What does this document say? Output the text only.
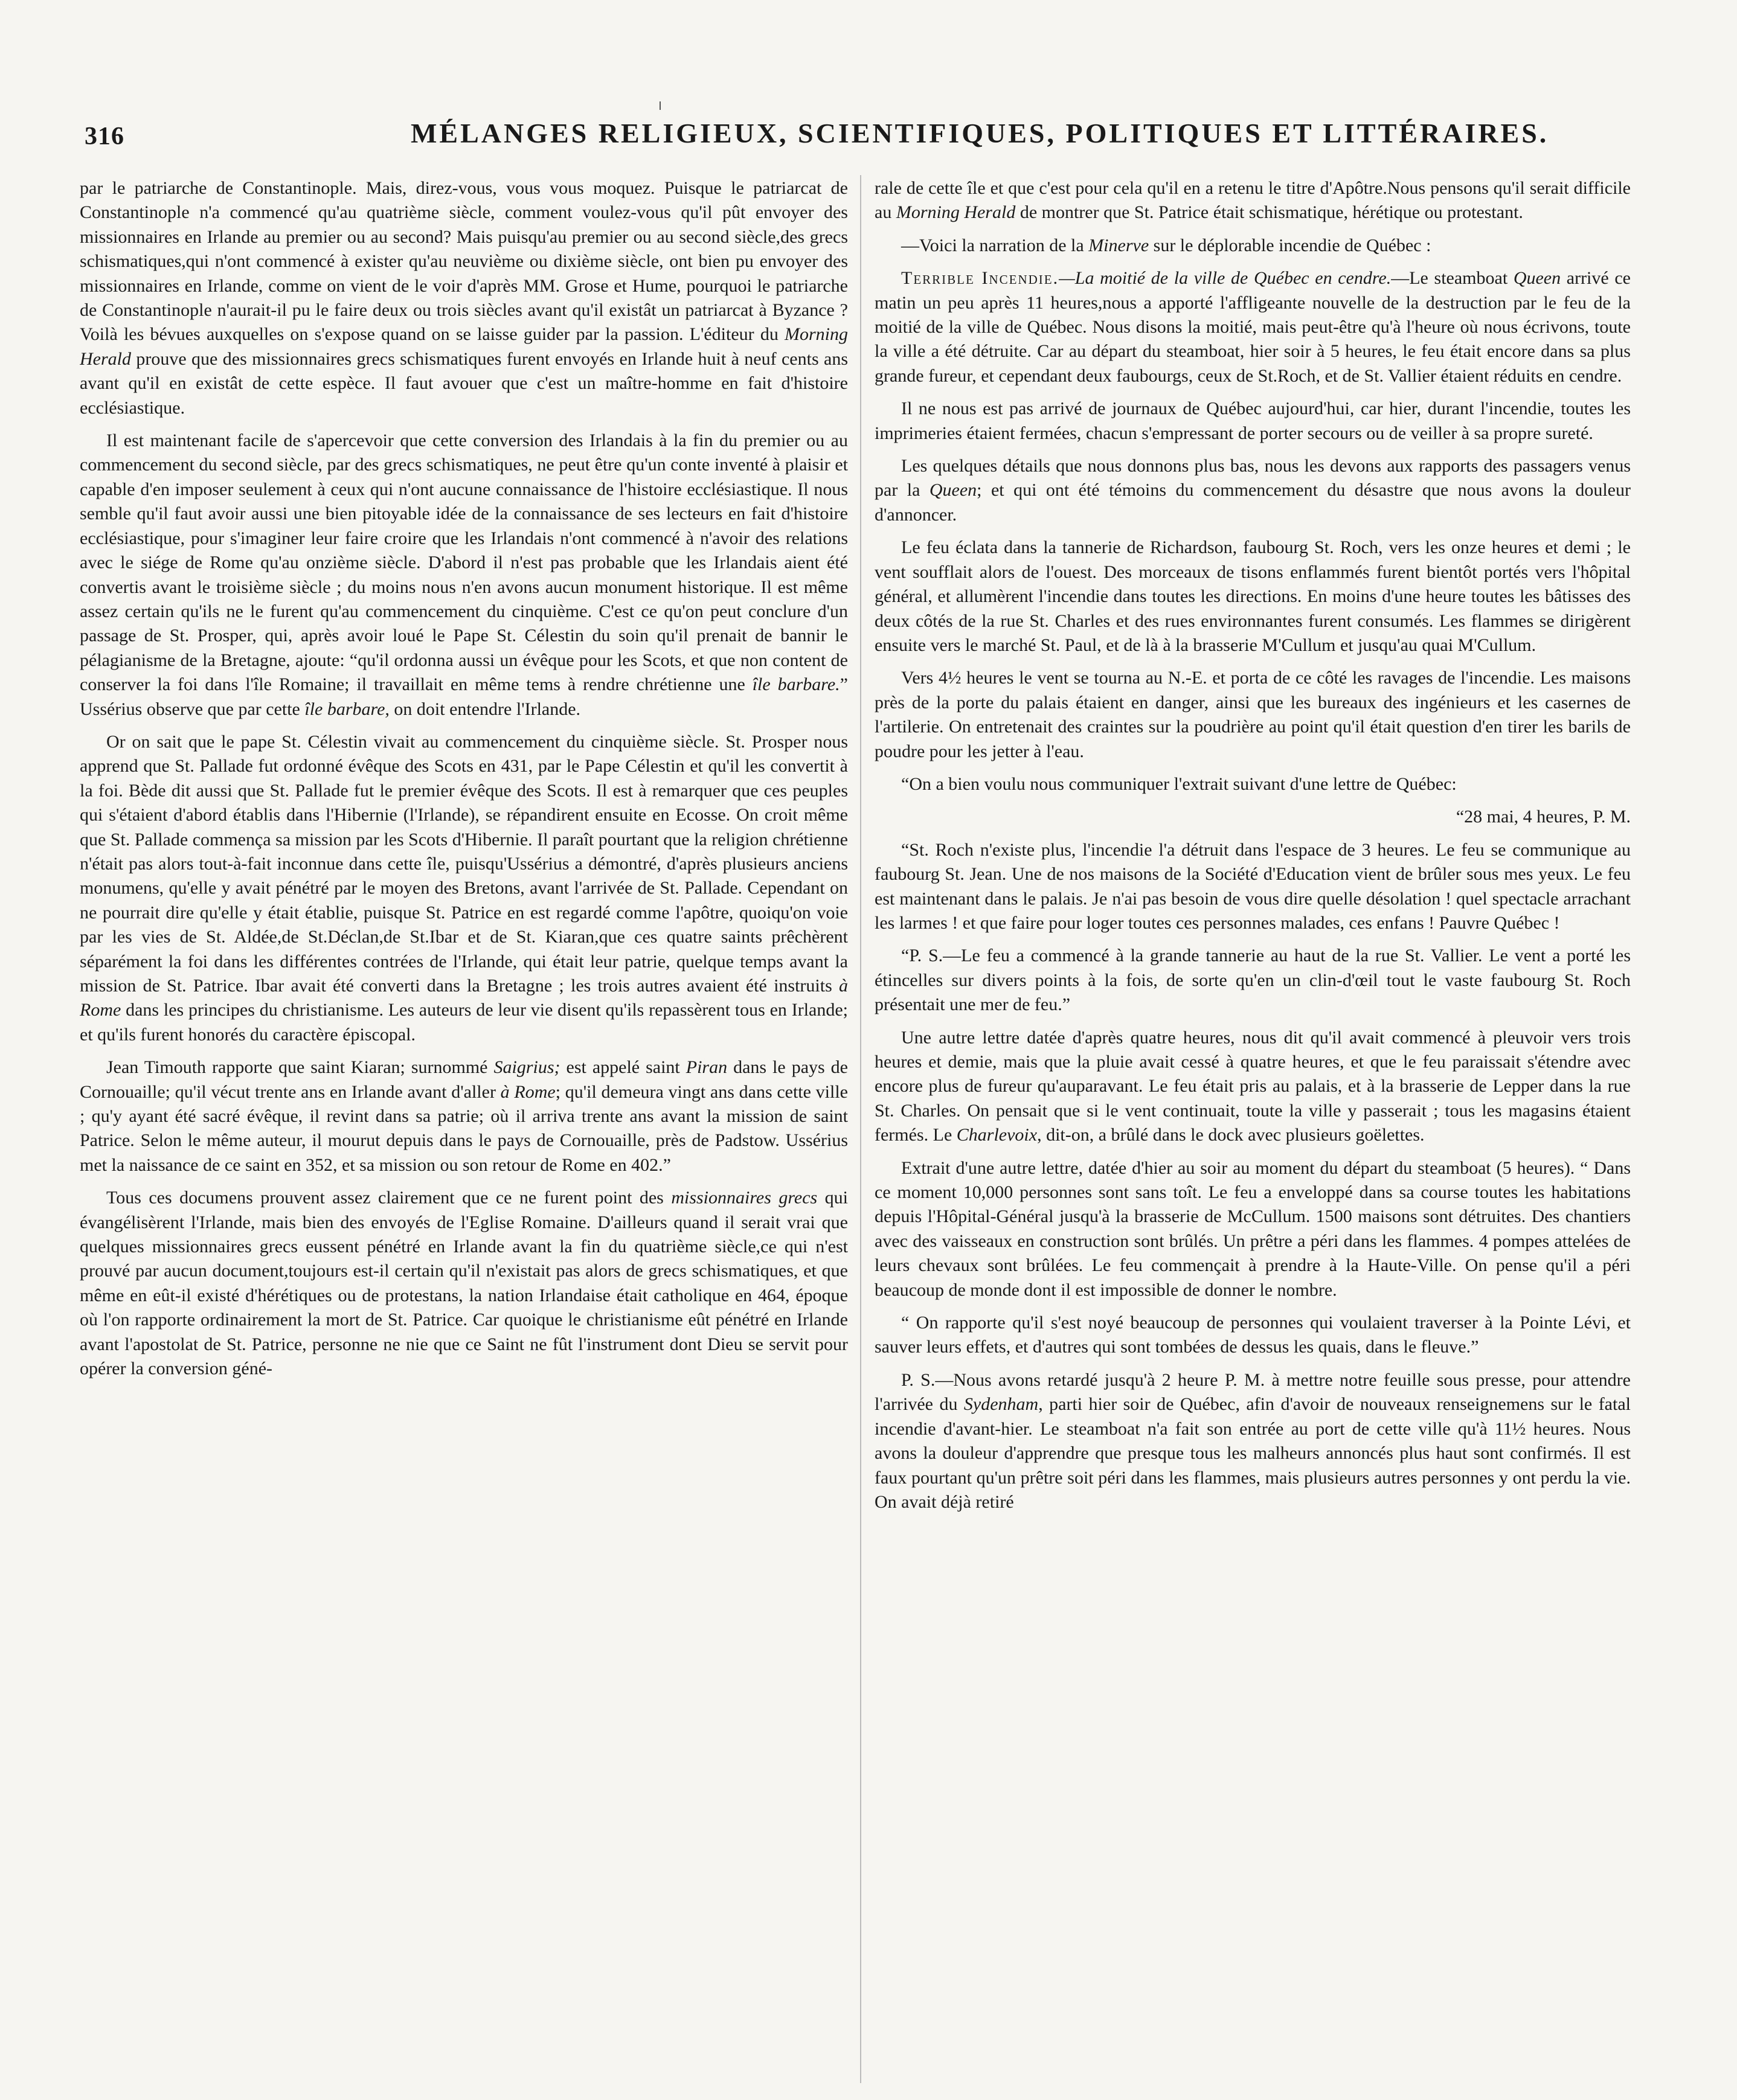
316	MÉLANGES RELIGIEUX, SCIENTIFIQUES, POLITIQUES ET LITTÉRAIRES.

par le patriarche de Constantinople. Mais, direz-vous, vous vous moquez. Puisque le patriarcat de Constantinople n'a commencé qu'au quatrième siècle, comment voulez-vous qu'il pût envoyer des missionnaires en Irlande au premier ou au second? Mais puisqu'au premier ou au second siècle,des grecs schismatiques,qui n'ont commencé à exister qu'au neuvième ou dixième siècle, ont bien pu envoyer des missionnaires en Irlande, comme on vient de le voir d'après MM. Grose et Hume, pourquoi le patriarche de Constantinople n'aurait-il pu le faire deux ou trois siècles avant qu'il existât un patriarcat à Byzance ? Voilà les bévues auxquelles on s'expose quand on se laisse guider par la passion. L'éditeur du Morning Herald prouve que des missionnaires grecs schismatiques furent envoyés en Irlande huit à neuf cents ans avant qu'il en existât de cette espèce. Il faut avouer que c'est un maître-homme en fait d'histoire ecclésiastique.

Il est maintenant facile de s'apercevoir que cette conversion des Irlandais à la fin du premier ou au commencement du second siècle, par des grecs schismatiques, ne peut être qu'un conte inventé à plaisir et capable d'en imposer seulement à ceux qui n'ont aucune connaissance de l'histoire ecclésiastique. Il nous semble qu'il faut avoir aussi une bien pitoyable idée de la connaissance de ses lecteurs en fait d'histoire ecclésiastique, pour s'imaginer leur faire croire que les Irlandais n'ont commencé à n'avoir des relations avec le siége de Rome qu'au onzième siècle. D'abord il n'est pas probable que les Irlandais aient été convertis avant le troisième siècle ; du moins nous n'en avons aucun monument historique. Il est même assez certain qu'ils ne le furent qu'au commencement du cinquième. C'est ce qu'on peut conclure d'un passage de St. Prosper, qui, après avoir loué le Pape St. Célestin du soin qu'il prenait de bannir le pélagianisme de la Bretagne, ajoute: “qu'il ordonna aussi un évêque pour les Scots, et que non content de conserver la foi dans l'île Romaine; il travaillait en même tems à rendre chrétienne une île barbare.” Ussérius observe que par cette île barbare, on doit entendre l'Irlande.

Or on sait que le pape St. Célestin vivait au commencement du cinquième siècle. St. Prosper nous apprend que St. Pallade fut ordonné évêque des Scots en 431, par le Pape Célestin et qu'il les convertit à la foi. Bède dit aussi que St. Pallade fut le premier évêque des Scots. Il est à remarquer que ces peuples qui s'étaient d'abord établis dans l'Hibernie (l'Irlande), se répandirent ensuite en Ecosse. On croit même que St. Pallade commença sa mission par les Scots d'Hibernie. Il paraît pourtant que la religion chrétienne n'était pas alors tout-à-fait inconnue dans cette île, puisqu'Ussérius a démontré, d'après plusieurs anciens monumens, qu'elle y avait pénétré par le moyen des Bretons, avant l'arrivée de St. Pallade. Cependant on ne pourrait dire qu'elle y était établie, puisque St. Patrice en est regardé comme l'apôtre, quoiqu'on voie par les vies de St. Aldée,de St.Déclan,de St.Ibar et de St. Kiaran,que ces quatre saints prêchèrent séparément la foi dans les différentes contrées de l'Irlande, qui était leur patrie, quelque temps avant la mission de St. Patrice. Ibar avait été converti dans la Bretagne ; les trois autres avaient été instruits à Rome dans les principes du christianisme. Les auteurs de leur vie disent qu'ils repassèrent tous en Irlande; et qu'ils furent honorés du caractère épiscopal.

Jean Timouth rapporte que saint Kiaran; surnommé Saigrius; est appelé saint Piran dans le pays de Cornouaille; qu'il vécut trente ans en Irlande avant d'aller à Rome; qu'il demeura vingt ans dans cette ville ; qu'y ayant été sacré évêque, il revint dans sa patrie; où il arriva trente ans avant la mission de saint Patrice. Selon le même auteur, il mourut depuis dans le pays de Cornouaille, près de Padstow. Ussérius met la naissance de ce saint en 352, et sa mission ou son retour de Rome en 402.”

Tous ces documens prouvent assez clairement que ce ne furent point des missionnaires grecs qui évangélisèrent l'Irlande, mais bien des envoyés de l'Eglise Romaine. D'ailleurs quand il serait vrai que quelques missionnaires grecs eussent pénétré en Irlande avant la fin du quatrième siècle,ce qui n'est prouvé par aucun document,toujours est-il certain qu'il n'existait pas alors de grecs schismatiques, et que même en eût-il existé d'hérétiques ou de protestans, la nation Irlandaise était catholique en 464, époque où l'on rapporte ordinairement la mort de St. Patrice. Car quoique le christianisme eût pénétré en Irlande avant l'apostolat de St. Patrice, personne ne nie que ce Saint ne fût l'instrument dont Dieu se servit pour opérer la conversion géné-

rale de cette île et que c'est pour cela qu'il en a retenu le titre d'Apôtre.Nous pensons qu'il serait difficile au Morning Herald de montrer que St. Patrice était schismatique, hérétique ou protestant.

—Voici la narration de la Minerve sur le déplorable incendie de Québec :

Terrible Incendie.—La moitié de la ville de Québec en cendre.—Le steamboat Queen arrivé ce matin un peu après 11 heures,nous a apporté l'affligeante nouvelle de la destruction par le feu de la moitié de la ville de Québec. Nous disons la moitié, mais peut-être qu'à l'heure où nous écrivons, toute la ville a été détruite. Car au départ du steamboat, hier soir à 5 heures, le feu était encore dans sa plus grande fureur, et cependant deux faubourgs, ceux de St.Roch, et de St. Vallier étaient réduits en cendre.

Il ne nous est pas arrivé de journaux de Québec aujourd'hui, car hier, durant l'incendie, toutes les imprimeries étaient fermées, chacun s'empressant de porter secours ou de veiller à sa propre sureté.

Les quelques détails que nous donnons plus bas, nous les devons aux rapports des passagers venus par la Queen; et qui ont été témoins du commencement du désastre que nous avons la douleur d'annoncer.

Le feu éclata dans la tannerie de Richardson, faubourg St. Roch, vers les onze heures et demi ; le vent soufflait alors de l'ouest. Des morceaux de tisons enflammés furent bientôt portés vers l'hôpital général, et allumèrent l'incendie dans toutes les directions. En moins d'une heure toutes les bâtisses des deux côtés de la rue St. Charles et des rues environnantes furent consumés. Les flammes se dirigèrent ensuite vers le marché St. Paul, et de là à la brasserie M'Cullum et jusqu'au quai M'Cullum.

Vers 4½ heures le vent se tourna au N.-E. et porta de ce côté les ravages de l'incendie. Les maisons près de la porte du palais étaient en danger, ainsi que les bureaux des ingénieurs et les casernes de l'artilerie. On entretenait des craintes sur la poudrière au point qu'il était question d'en tirer les barils de poudre pour les jetter à l'eau.

“On a bien voulu nous communiquer l'extrait suivant d'une lettre de Québec:

“28 mai, 4 heures, P. M.

“St. Roch n'existe plus, l'incendie l'a détruit dans l'espace de 3 heures. Le feu se communique au faubourg St. Jean. Une de nos maisons de la Société d'Education vient de brûler sous mes yeux. Le feu est maintenant dans le palais. Je n'ai pas besoin de vous dire quelle désolation ! quel spectacle arrachant les larmes ! et que faire pour loger toutes ces personnes malades, ces enfans ! Pauvre Québec !

“P. S.—Le feu a commencé à la grande tannerie au haut de la rue St. Vallier. Le vent a porté les étincelles sur divers points à la fois, de sorte qu'en un clin-d'œil tout le vaste faubourg St. Roch présentait une mer de feu.”

Une autre lettre datée d'après quatre heures, nous dit qu'il avait commencé à pleuvoir vers trois heures et demie, mais que la pluie avait cessé à quatre heures, et que le feu paraissait s'étendre avec encore plus de fureur qu'auparavant. Le feu était pris au palais, et à la brasserie de Lepper dans la rue St. Charles. On pensait que si le vent continuait, toute la ville y passerait ; tous les magasins étaient fermés. Le Charlevoix, dit-on, a brûlé dans le dock avec plusieurs goëlettes.

Extrait d'une autre lettre, datée d'hier au soir au moment du départ du steamboat (5 heures). “ Dans ce moment 10,000 personnes sont sans toît. Le feu a enveloppé dans sa course toutes les habitations depuis l'Hôpital-Général jusqu'à la brasserie de McCullum. 1500 maisons sont détruites. Des chantiers avec des vaisseaux en construction sont brûlés. Un prêtre a péri dans les flammes. 4 pompes attelées de leurs chevaux sont brûlées. Le feu commençait à prendre à la Haute-Ville. On pense qu'il a péri beaucoup de monde dont il est impossible de donner le nombre.

“ On rapporte qu'il s'est noyé beaucoup de personnes qui voulaient traverser à la Pointe Lévi, et sauver leurs effets, et d'autres qui sont tombées de dessus les quais, dans le fleuve.”

P. S.—Nous avons retardé jusqu'à 2 heure P. M. à mettre notre feuille sous presse, pour attendre l'arrivée du Sydenham, parti hier soir de Québec, afin d'avoir de nouveaux renseignemens sur le fatal incendie d'avant-hier. Le steamboat n'a fait son entrée au port de cette ville qu'à 11½ heures. Nous avons la douleur d'apprendre que presque tous les malheurs annoncés plus haut sont confirmés. Il est faux pourtant qu'un prêtre soit péri dans les flammes, mais plusieurs autres personnes y ont perdu la vie. On avait déjà retiré
